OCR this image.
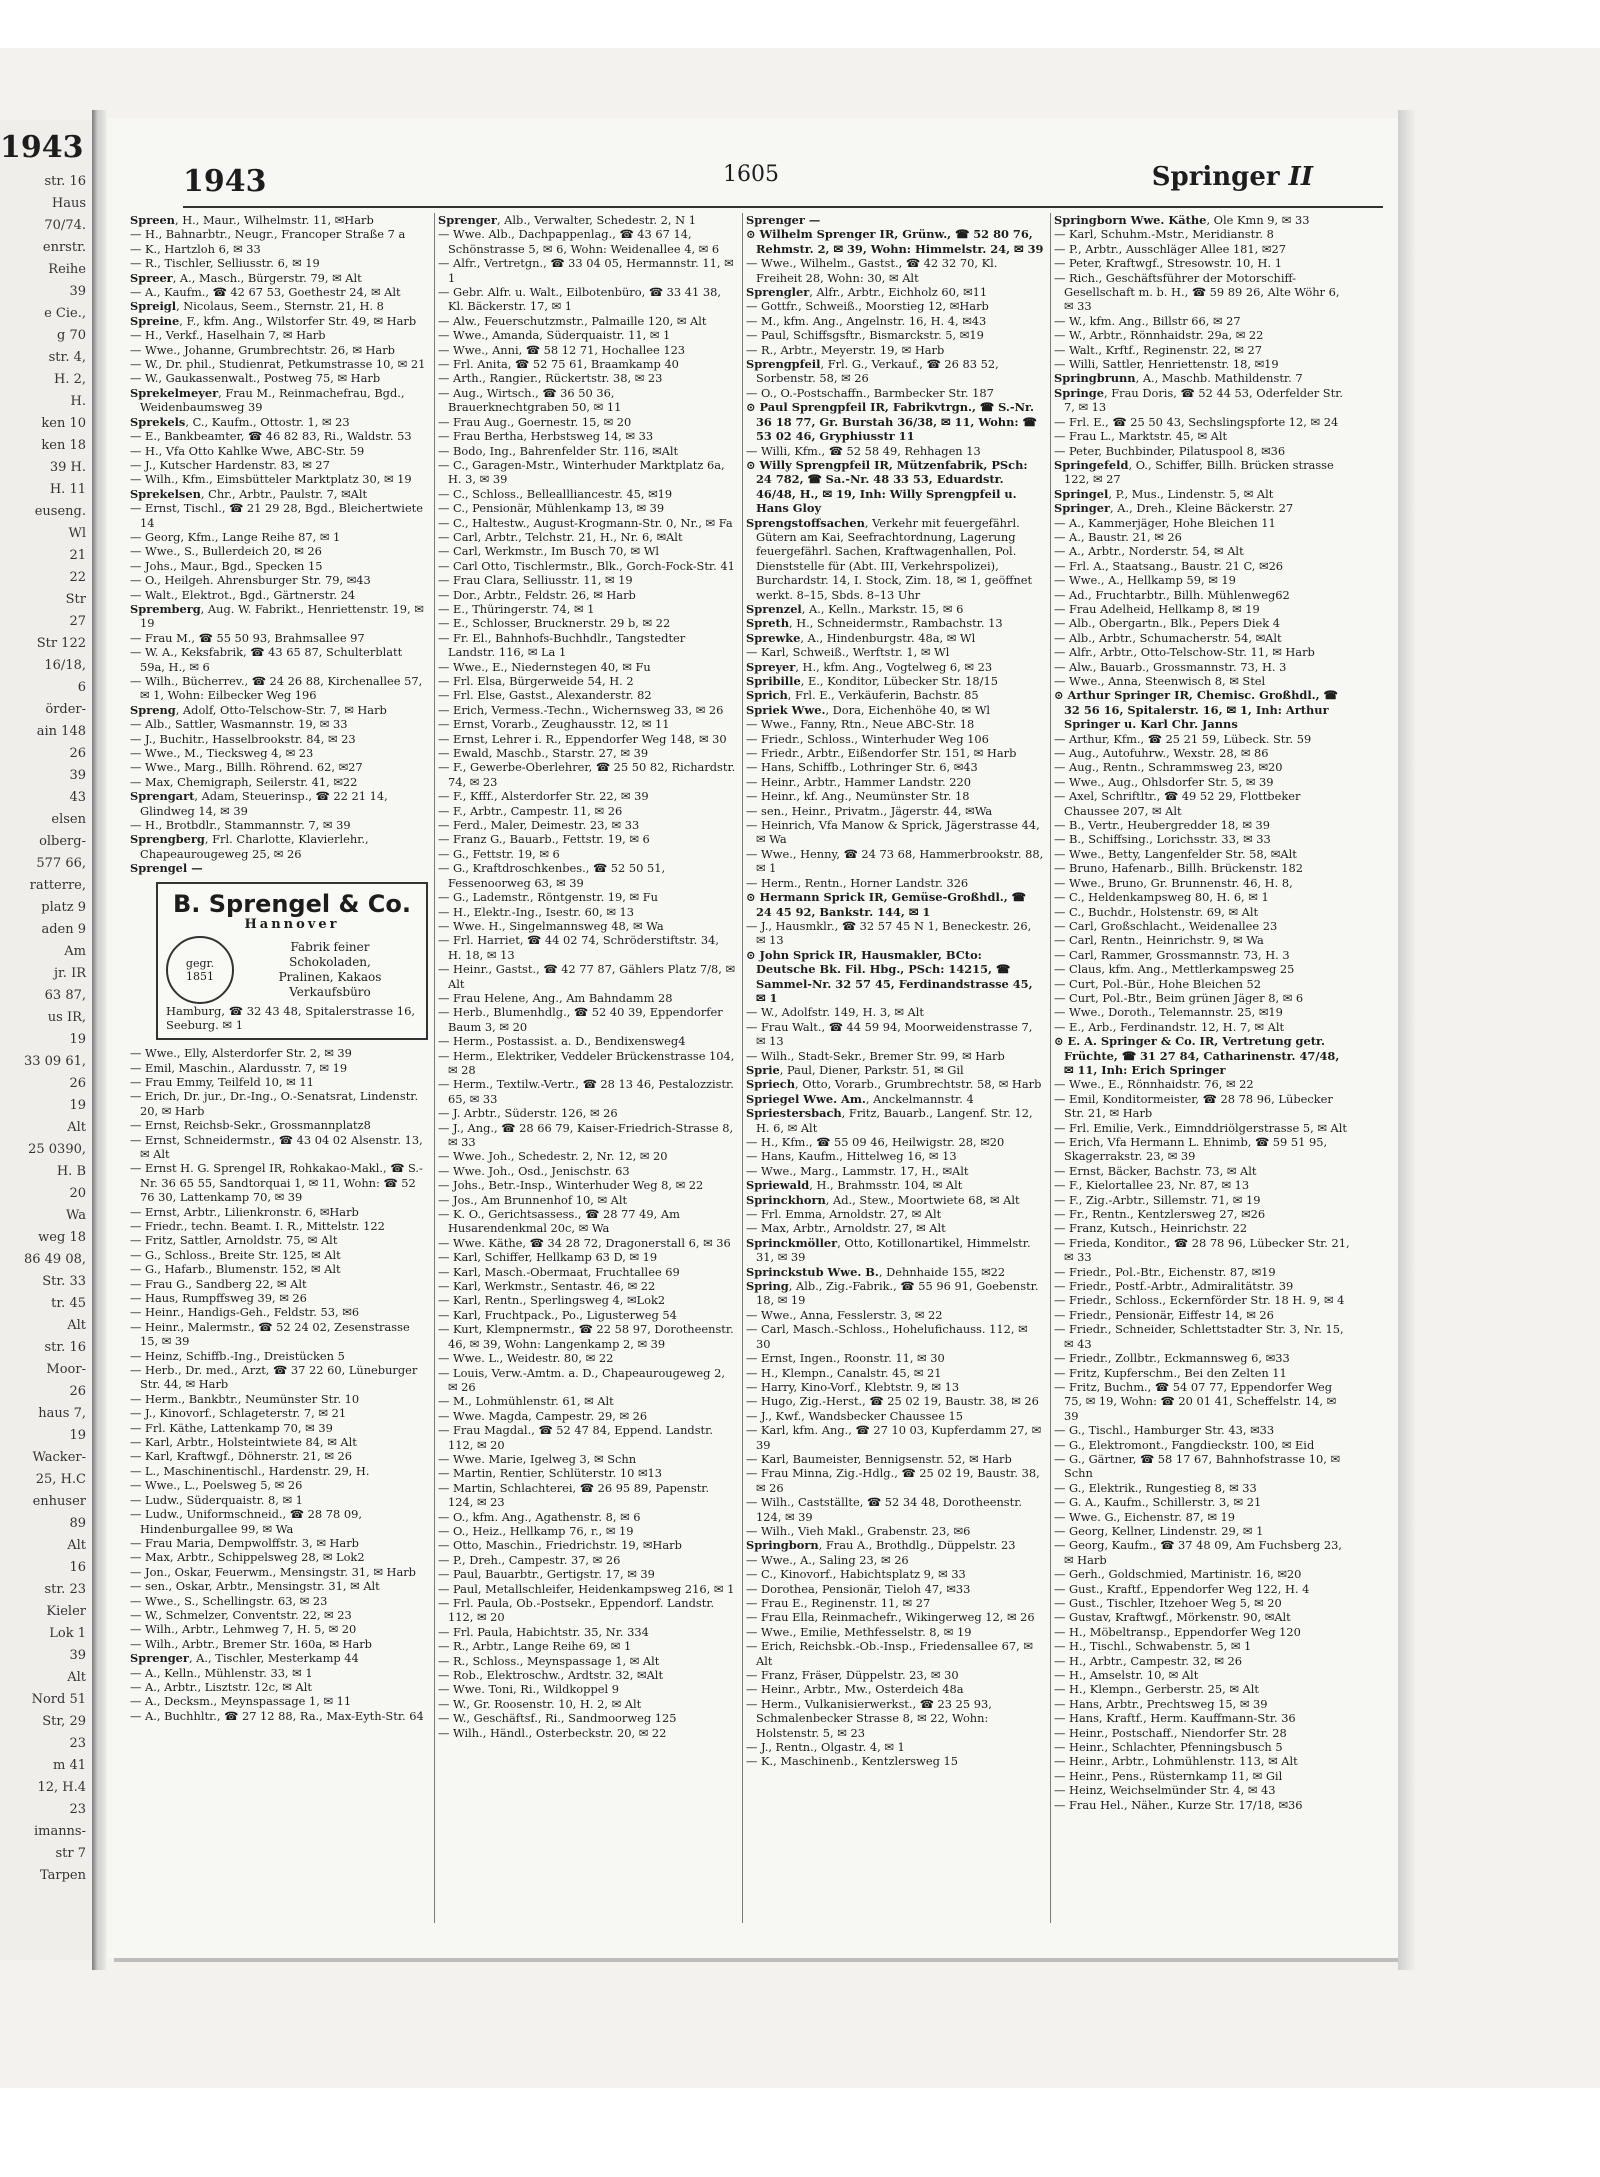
1943
str. 16
Haus
70/74.
enrstr.
Reihe
39
e Cie.,
g 70
str. 4,
H. 2,
H.
ken 10
ken 18
39 H.
H. 11
euseng.
Wl
21
22
Str
27
Str 122
16/18,
6
örder-
ain 148
26
39
43
elsen
olberg-
577 66,
ratterre,
platz 9
aden 9
Am
jr. IR
63 87,
us IR,
19
33 09 61,
26
19
Alt
25 0390,
H. B
20
Wa
weg 18
86 49 08,
Str. 33
tr. 45
Alt
str. 16
Moor-
26
haus 7,
19
Wacker-
25, H.C
enhuser
89
Alt
16
str. 23
Kieler
Lok 1
39
Alt
Nord 51
Str, 29
23
m 41
12, H.4
23
imanns-
str 7
Tarpen
1943	1605	Springer II

Spreen, H., Maur., Wilhelmstr. 11, ✉Harb

— H., Bahnarbtr., Neugr., Francoper Straße 7 a

— K., Hartzloh 6, ✉ 33

— R., Tischler, Selliusstr. 6, ✉ 19

Spreer, A., Masch., Bürgerstr. 79, ✉ Alt

— A., Kaufm., ☎ 42 67 53, Goethestr 24, ✉ Alt

Spreigl, Nicolaus, Seem., Sternstr. 21, H. 8

Spreine, F., kfm. Ang., Wilstorfer Str. 49, ✉ Harb

— H., Verkf., Haselhain 7, ✉ Harb

— Wwe., Johanne, Grumbrechtstr. 26, ✉ Harb

— W., Dr. phil., Studienrat, Petkumstrasse 10, ✉ 21

— W., Gaukassenwalt., Postweg 75, ✉ Harb

Sprekelmeyer, Frau M., Reinmachefrau, Bgd., Weidenbaumsweg 39

Sprekels, C., Kaufm., Ottostr. 1, ✉ 23

— E., Bankbeamter, ☎ 46 82 83, Ri., Waldstr. 53

— H., Vfa Otto Kahlke Wwe, ABC-Str. 59

— J., Kutscher Hardenstr. 83, ✉ 27

— Wilh., Kfm., Eimsbütteler Marktplatz 30, ✉ 19

Sprekelsen, Chr., Arbtr., Paulstr. 7, ✉Alt

— Ernst, Tischl., ☎ 21 29 28, Bgd., Bleichertwiete 14

— Georg, Kfm., Lange Reihe 87, ✉ 1

— Wwe., S., Bullerdeich 20, ✉ 26

— Johs., Maur., Bgd., Specken 15

— O., Heilgeh. Ahrensburger Str. 79, ✉43

— Walt., Elektrot., Bgd., Gärtnerstr. 24

Spremberg, Aug. W. Fabrikt., Henriettenstr. 19, ✉ 19

— Frau M., ☎ 55 50 93, Brahmsallee 97

— W. A., Keksfabrik, ☎ 43 65 87, Schulterblatt 59a, H., ✉ 6

— Wilh., Bücherrev., ☎ 24 26 88, Kirchenallee 57, ✉ 1, Wohn: Eilbecker Weg 196

Spreng, Adolf, Otto-Telschow-Str. 7, ✉ Harb

— Alb., Sattler, Wasmannstr. 19, ✉ 33

— J., Buchitr., Hasselbrookstr. 84, ✉ 23

— Wwe., M., Tiecksweg 4, ✉ 23

— Wwe., Marg., Billh. Röhrend. 62, ✉27

— Max, Chemigraph, Seilerstr. 41, ✉22

Sprengart, Adam, Steuerinsp., ☎ 22 21 14, Glindweg 14, ✉ 39

— H., Brotbdlr., Stammannstr. 7, ✉ 39

Sprengberg, Frl. Charlotte, Klavierlehr., Chapeaurougeweg 25, ✉ 26

Sprengel —

B. Sprengel & Co.
Hannover
gegr.
1851
Fabrik feiner
Schokoladen,
Pralinen, Kakaos
Verkaufsbüro
Hamburg, ☎ 32 43 48, Spitalerstrasse 16, Seeburg. ✉ 1

— Wwe., Elly, Alsterdorfer Str. 2, ✉ 39

— Emil, Maschin., Alardusstr. 7, ✉ 19

— Frau Emmy, Teilfeld 10, ✉ 11

— Erich, Dr. jur., Dr.-Ing., O.-Senatsrat, Lindenstr. 20, ✉ Harb

— Ernst, Reichsb-Sekr., Grossmannplatz8

— Ernst, Schneidermstr., ☎ 43 04 02 Alsenstr. 13, ✉ Alt

— Ernst H. G. Sprengel IR, Rohkakao-Makl., ☎ S.-Nr. 36 65 55, Sandtorquai 1, ✉ 11, Wohn: ☎ 52 76 30, Lattenkamp 70, ✉ 39

— Ernst, Arbtr., Lilienkronstr. 6, ✉Harb

— Friedr., techn. Beamt. I. R., Mittelstr. 122

— Fritz, Sattler, Arnoldstr. 75, ✉ Alt

— G., Schloss., Breite Str. 125, ✉ Alt

— G., Hafarb., Blumenstr. 152, ✉ Alt

— Frau G., Sandberg 22, ✉ Alt

— Haus, Rumpffsweg 39, ✉ 26

— Heinr., Handigs-Geh., Feldstr. 53, ✉6

— Heinr., Malermstr., ☎ 52 24 02, Zesenstrasse 15, ✉ 39

— Heinz, Schiffb.-Ing., Dreistücken 5

— Herb., Dr. med., Arzt, ☎ 37 22 60, Lüneburger Str. 44, ✉ Harb

— Herm., Bankbtr., Neumünster Str. 10

— J., Kinovorf., Schlageterstr. 7, ✉ 21

— Frl. Käthe, Lattenkamp 70, ✉ 39

— Karl, Arbtr., Holsteintwiete 84, ✉ Alt

— Karl, Kraftwgf., Döhnerstr. 21, ✉ 26

— L., Maschinentischl., Hardenstr. 29, H.

— Wwe., L., Poelsweg 5, ✉ 26

— Ludw., Süderquaistr. 8, ✉ 1

— Ludw., Uniformschneid., ☎ 28 78 09, Hindenburgallee 99, ✉ Wa

— Frau Maria, Dempwolffstr. 3, ✉ Harb

— Max, Arbtr., Schippelsweg 28, ✉ Lok2

— Jon., Oskar, Feuerwm., Mensingstr. 31, ✉ Harb

— sen., Oskar, Arbtr., Mensingstr. 31, ✉ Alt

— Wwe., S., Schellingstr. 63, ✉ 23

— W., Schmelzer, Conventstr. 22, ✉ 23

— Wilh., Arbtr., Lehmweg 7, H. 5, ✉ 20

— Wilh., Arbtr., Bremer Str. 160a, ✉ Harb

Sprenger, A., Tischler, Mesterkamp 44

— A., Kelln., Mühlenstr. 33, ✉ 1

— A., Arbtr., Lisztstr. 12c, ✉ Alt

— A., Decksm., Meynspassage 1, ✉ 11

— A., Buchhltr., ☎ 27 12 88, Ra., Max-Eyth-Str. 64

Sprenger, Alb., Verwalter, Schedestr. 2, N 1

— Wwe. Alb., Dachpappenlag., ☎ 43 67 14, Schönstrasse 5, ✉ 6, Wohn: Weidenallee 4, ✉ 6

— Alfr., Vertretgn., ☎ 33 04 05, Hermannstr. 11, ✉ 1

— Gebr. Alfr. u. Walt., Eilbotenbüro, ☎ 33 41 38, Kl. Bäckerstr. 17, ✉ 1

— Alw., Feuerschutzmstr., Palmaille 120, ✉ Alt

— Wwe., Amanda, Süderquaistr. 11, ✉ 1

— Wwe., Anni, ☎ 58 12 71, Hochallee 123

— Frl. Anita, ☎ 52 75 61, Braamkamp 40

— Arth., Rangier., Rückertstr. 38, ✉ 23

— Aug., Wirtsch., ☎ 36 50 36, Brauerknechtgraben 50, ✉ 11

— Frau Aug., Goernestr. 15, ✉ 20

— Frau Bertha, Herbstsweg 14, ✉ 33

— Bodo, Ing., Bahrenfelder Str. 116, ✉Alt

— C., Garagen-Mstr., Winterhuder Marktplatz 6a, H. 3, ✉ 39

— C., Schloss., Belleallliancestr. 45, ✉19

— C., Pensionär, Mühlenkamp 13, ✉ 39

— C., Haltestw., August-Krogmann-Str. 0, Nr., ✉ Fa

— Carl, Arbtr., Telchstr. 21, H., Nr. 6, ✉Alt

— Carl, Werkmstr., Im Busch 70, ✉ Wl

— Carl Otto, Tischlermstr., Blk., Gorch-Fock-Str. 41

— Frau Clara, Selliusstr. 11, ✉ 19

— Dor., Arbtr., Feldstr. 26, ✉ Harb

— E., Thüringerstr. 74, ✉ 1

— E., Schlosser, Brucknerstr. 29 b, ✉ 22

— Fr. El., Bahnhofs-Buchhdlr., Tangstedter Landstr. 116, ✉ La 1

— Wwe., E., Niedernstegen 40, ✉ Fu

— Frl. Elsa, Bürgerweide 54, H. 2

— Frl. Else, Gastst., Alexanderstr. 82

— Erich, Vermess.-Techn., Wichernsweg 33, ✉ 26

— Ernst, Vorarb., Zeughausstr. 12, ✉ 11

— Ernst, Lehrer i. R., Eppendorfer Weg 148, ✉ 30

— Ewald, Maschb., Starstr. 27, ✉ 39

— F., Gewerbe-Oberlehrer, ☎ 25 50 82, Richardstr. 74, ✉ 23

— F., Kfff., Alsterdorfer Str. 22, ✉ 39

— F., Arbtr., Campestr. 11, ✉ 26

— Ferd., Maler, Deimestr. 23, ✉ 33

— Franz G., Bauarb., Fettstr. 19, ✉ 6

— G., Fettstr. 19, ✉ 6

— G., Kraftdroschkenbes., ☎ 52 50 51, Fessenoorweg 63, ✉ 39

— G., Lademstr., Röntgenstr. 19, ✉ Fu

— H., Elektr.-Ing., Isestr. 60, ✉ 13

— Wwe. H., Singelmannsweg 48, ✉ Wa

— Frl. Harriet, ☎ 44 02 74, Schröderstiftstr. 34, H. 18, ✉ 13

— Heinr., Gastst., ☎ 42 77 87, Gählers Platz 7/8, ✉ Alt

— Frau Helene, Ang., Am Bahndamm 28

— Herb., Blumenhdlg., ☎ 52 40 39, Eppendorfer Baum 3, ✉ 20

— Herm., Postassist. a. D., Bendixensweg4

— Herm., Elektriker, Veddeler Brückenstrasse 104, ✉ 28

— Herm., Textilw.-Vertr., ☎ 28 13 46, Pestalozzistr. 65, ✉ 33

— J. Arbtr., Süderstr. 126, ✉ 26

— J., Ang., ☎ 28 66 79, Kaiser-Friedrich-Strasse 8, ✉ 33

— Wwe. Joh., Schedestr. 2, Nr. 12, ✉ 20

— Wwe. Joh., Osd., Jenischstr. 63

— Johs., Betr.-Insp., Winterhuder Weg 8, ✉ 22

— Jos., Am Brunnenhof 10, ✉ Alt

— K. O., Gerichtsassess., ☎ 28 77 49, Am Husarendenkmal 20c, ✉ Wa

— Wwe. Käthe, ☎ 34 28 72, Dragonerstall 6, ✉ 36

— Karl, Schiffer, Hellkamp 63 D, ✉ 19

— Karl, Masch.-Obermaat, Fruchtallee 69

— Karl, Werkmstr., Sentastr. 46, ✉ 22

— Karl, Rentn., Sperlingsweg 4, ✉Lok2

— Karl, Fruchtpack., Po., Ligusterweg 54

— Kurt, Klempnermstr., ☎ 22 58 97, Dorotheenstr. 46, ✉ 39, Wohn: Langenkamp 2, ✉ 39

— Wwe. L., Weidestr. 80, ✉ 22

— Louis, Verw.-Amtm. a. D., Chapeaurougeweg 2, ✉ 26

— M., Lohmühlenstr. 61, ✉ Alt

— Wwe. Magda, Campestr. 29, ✉ 26

— Frau Magdal., ☎ 52 47 84, Eppend. Landstr. 112, ✉ 20

— Wwe. Marie, Igelweg 3, ✉ Schn

— Martin, Rentier, Schlüterstr. 10 ✉13

— Martin, Schlachterei, ☎ 26 95 89, Papenstr. 124, ✉ 23

— O., kfm. Ang., Agathenstr. 8, ✉ 6

— O., Heiz., Hellkamp 76, r., ✉ 19

— Otto, Maschin., Friedrichstr. 19, ✉Harb

— P., Dreh., Campestr. 37, ✉ 26

— Paul, Bauarbtr., Gertigstr. 17, ✉ 39

— Paul, Metallschleifer, Heidenkampsweg 216, ✉ 1

— Frl. Paula, Ob.-Postsekr., Eppendorf. Landstr. 112, ✉ 20

— Frl. Paula, Habichtstr. 35, Nr. 334

— R., Arbtr., Lange Reihe 69, ✉ 1

— R., Schloss., Meynspassage 1, ✉ Alt

— Rob., Elektroschw., Ardtstr. 32, ✉Alt

— Wwe. Toni, Ri., Wildkoppel 9

— W., Gr. Roosenstr. 10, H. 2, ✉ Alt

— W., Geschäftsf., Ri., Sandmoorweg 125

— Wilh., Händl., Osterbeckstr. 20, ✉ 22

Sprenger —

⊙ Wilhelm Sprenger IR, Grünw., ☎ 52 80 76, Rehmstr. 2, ✉ 39, Wohn: Himmelstr. 24, ✉ 39

— Wwe., Wilhelm., Gastst., ☎ 42 32 70, Kl. Freiheit 28, Wohn: 30, ✉ Alt

Sprengler, Alfr., Arbtr., Eichholz 60, ✉11

— Gottfr., Schweiß., Moorstieg 12, ✉Harb

— M., kfm. Ang., Angelnstr. 16, H. 4, ✉43

— Paul, Schiffsgsftr., Bismarckstr. 5, ✉19

— R., Arbtr., Meyerstr. 19, ✉ Harb

Sprengpfeil, Frl. G., Verkauf., ☎ 26 83 52, Sorbenstr. 58, ✉ 26

— O., O.-Postschaffn., Barmbecker Str. 187

⊙ Paul Sprengpfeil IR, Fabrikvtrgn., ☎ S.-Nr. 36 18 77, Gr. Burstah 36/38, ✉ 11, Wohn: ☎ 53 02 46, Gryphiusstr 11

— Willi, Kfm., ☎ 52 58 49, Rehhagen 13

⊙ Willy Sprengpfeil IR, Mützenfabrik, PSch: 24 782, ☎ Sa.-Nr. 48 33 53, Eduardstr. 46/48, H., ✉ 19, Inh: Willy Sprengpfeil u. Hans Gloy

Sprengstoffsachen, Verkehr mit feuergefährl. Gütern am Kai, Seefrachtordnung, Lagerung feuergefährl. Sachen, Kraftwagenhallen, Pol. Dienststelle für (Abt. III, Verkehrspolizei), Burchardstr. 14, I. Stock, Zim. 18, ✉ 1, geöffnet werkt. 8–15, Sbds. 8–13 Uhr

Sprenzel, A., Kelln., Markstr. 15, ✉ 6

Spreth, H., Schneidermstr., Rambachstr. 13

Sprewke, A., Hindenburgstr. 48a, ✉ Wl

— Karl, Schweiß., Werftstr. 1, ✉ Wl

Spreyer, H., kfm. Ang., Vogtelweg 6, ✉ 23

Spribille, E., Konditor, Lübecker Str. 18/15

Sprich, Frl. E., Verkäuferin, Bachstr. 85

Spriek Wwe., Dora, Eichenhöhe 40, ✉ Wl

— Wwe., Fanny, Rtn., Neue ABC-Str. 18

— Friedr., Schloss., Winterhuder Weg 106

— Friedr., Arbtr., Eißendorfer Str. 151, ✉ Harb

— Hans, Schiffb., Lothringer Str. 6, ✉43

— Heinr., Arbtr., Hammer Landstr. 220

— Heinr., kf. Ang., Neumünster Str. 18

— sen., Heinr., Privatm., Jägerstr. 44, ✉Wa

— Heinrich, Vfa Manow & Sprick, Jägerstrasse 44, ✉ Wa

— Wwe., Henny, ☎ 24 73 68, Hammerbrookstr. 88, ✉ 1

— Herm., Rentn., Horner Landstr. 326

⊙ Hermann Sprick IR, Gemüse-Großhdl., ☎ 24 45 92, Bankstr. 144, ✉ 1

— J., Hausmklr., ☎ 32 57 45 N 1, Beneckestr. 26, ✉ 13

⊙ John Sprick IR, Hausmakler, BCto: Deutsche Bk. Fil. Hbg., PSch: 14215, ☎ Sammel-Nr. 32 57 45, Ferdinandstrasse 45, ✉ 1

— W., Adolfstr. 149, H. 3, ✉ Alt

— Frau Walt., ☎ 44 59 94, Moorweidenstrasse 7, ✉ 13

— Wilh., Stadt-Sekr., Bremer Str. 99, ✉ Harb

Sprie, Paul, Diener, Parkstr. 51, ✉ Gil

Spriech, Otto, Vorarb., Grumbrechtstr. 58, ✉ Harb

Spriegel Wwe. Am., Anckelmannstr. 4

Spriestersbach, Fritz, Bauarb., Langenf. Str. 12, H. 6, ✉ Alt

— H., Kfm., ☎ 55 09 46, Heilwigstr. 28, ✉20

— Hans, Kaufm., Hittelweg 16, ✉ 13

— Wwe., Marg., Lammstr. 17, H., ✉Alt

Spriewald, H., Brahmsstr. 104, ✉ Alt

Sprinckhorn, Ad., Stew., Moortwiete 68, ✉ Alt

— Frl. Emma, Arnoldstr. 27, ✉ Alt

— Max, Arbtr., Arnoldstr. 27, ✉ Alt

Sprinckmöller, Otto, Kotillonartikel, Himmelstr. 31, ✉ 39

Sprinckstub Wwe. B., Dehnhaide 155, ✉22

Spring, Alb., Zig.-Fabrik., ☎ 55 96 91, Goebenstr. 18, ✉ 19

— Wwe., Anna, Fesslerstr. 3, ✉ 22

— Carl, Masch.-Schloss., Hohelufichauss. 112, ✉ 30

— Ernst, Ingen., Roonstr. 11, ✉ 30

— H., Klempn., Canalstr. 45, ✉ 21

— Harry, Kino-Vorf., Klebtstr. 9, ✉ 13

— Hugo, Zig.-Herst., ☎ 25 02 19, Baustr. 38, ✉ 26

— J., Kwf., Wandsbecker Chaussee 15

— Karl, kfm. Ang., ☎ 27 10 03, Kupferdamm 27, ✉ 39

— Karl, Baumeister, Bennigsenstr. 52, ✉ Harb

— Frau Minna, Zig.-Hdlg., ☎ 25 02 19, Baustr. 38, ✉ 26

— Wilh., Castställte, ☎ 52 34 48, Dorotheenstr. 124, ✉ 39

— Wilh., Vieh Makl., Grabenstr. 23, ✉6

Springborn, Frau A., Brothdlg., Düppelstr. 23

— Wwe., A., Saling 23, ✉ 26

— C., Kinovorf., Habichtsplatz 9, ✉ 33

— Dorothea, Pensionär, Tieloh 47, ✉33

— Frau E., Reginenstr. 11, ✉ 27

— Frau Ella, Reinmachefr., Wikingerweg 12, ✉ 26

— Wwe., Emilie, Methfesselstr. 8, ✉ 19

— Erich, Reichsbk.-Ob.-Insp., Friedensallee 67, ✉ Alt

— Franz, Fräser, Düppelstr. 23, ✉ 30

— Heinr., Arbtr., Mw., Osterdeich 48a

— Herm., Vulkanisierwerkst., ☎ 23 25 93, Schmalenbecker Strasse 8, ✉ 22, Wohn: Holstenstr. 5, ✉ 23

— J., Rentn., Olgastr. 4, ✉ 1

— K., Maschinenb., Kentzlersweg 15

Springborn Wwe. Käthe, Ole Kmn 9, ✉ 33

— Karl, Schuhm.-Mstr., Meridianstr. 8

— P., Arbtr., Ausschläger Allee 181, ✉27

— Peter, Kraftwgf., Stresowstr. 10, H. 1

— Rich., Geschäftsführer der Motorschiff-Gesellschaft m. b. H., ☎ 59 89 26, Alte Wöhr 6, ✉ 33

— W., kfm. Ang., Billstr 66, ✉ 27

— W., Arbtr., Rönnhaidstr. 29a, ✉ 22

— Walt., Krftf., Reginenstr. 22, ✉ 27

— Willi, Sattler, Henriettenstr. 18, ✉19

Springbrunn, A., Maschb. Mathildenstr. 7

Springe, Frau Doris, ☎ 52 44 53, Oderfelder Str. 7, ✉ 13

— Frl. E., ☎ 25 50 43, Sechslingspforte 12, ✉ 24

— Frau L., Marktstr. 45, ✉ Alt

— Peter, Buchbinder, Pilatuspool 8, ✉36

Springefeld, O., Schiffer, Billh. Brücken strasse 122, ✉ 27

Springel, P., Mus., Lindenstr. 5, ✉ Alt

Springer, A., Dreh., Kleine Bäckerstr. 27

— A., Kammerjäger, Hohe Bleichen 11

— A., Baustr. 21, ✉ 26

— A., Arbtr., Norderstr. 54, ✉ Alt

— Frl. A., Staatsang., Baustr. 21 C, ✉26

— Wwe., A., Hellkamp 59, ✉ 19

— Ad., Fruchtarbtr., Billh. Mühlenweg62

— Frau Adelheid, Hellkamp 8, ✉ 19

— Alb., Obergartn., Blk., Pepers Diek 4

— Alb., Arbtr., Schumacherstr. 54, ✉Alt

— Alfr., Arbtr., Otto-Telschow-Str. 11, ✉ Harb

— Alw., Bauarb., Grossmannstr. 73, H. 3

— Wwe., Anna, Steenwisch 8, ✉ Stel

⊙ Arthur Springer IR, Chemisc. Großhdl., ☎ 32 56 16, Spitalerstr. 16, ✉ 1, Inh: Arthur Springer u. Karl Chr. Janns

— Arthur, Kfm., ☎ 25 21 59, Lübeck. Str. 59

— Aug., Autofuhrw., Wexstr. 28, ✉ 86

— Aug., Rentn., Schrammsweg 23, ✉20

— Wwe., Aug., Ohlsdorfer Str. 5, ✉ 39

— Axel, Schriftltr., ☎ 49 52 29, Flottbeker Chaussee 207, ✉ Alt

— B., Vertr., Heubergredder 18, ✉ 39

— B., Schiffsing., Lorichsstr. 33, ✉ 33

— Wwe., Betty, Langenfelder Str. 58, ✉Alt

— Bruno, Hafenarb., Billh. Brückenstr. 182

— Wwe., Bruno, Gr. Brunnenstr. 46, H. 8,

— C., Heldenkampsweg 80, H. 6, ✉ 1

— C., Buchdr., Holstenstr. 69, ✉ Alt

— Carl, Großschlacht., Weidenallee 23

— Carl, Rentn., Heinrichstr. 9, ✉ Wa

— Carl, Rammer, Grossmannstr. 73, H. 3

— Claus, kfm. Ang., Mettlerkampsweg 25

— Curt, Pol.-Bür., Hohe Bleichen 52

— Curt, Pol.-Btr., Beim grünen Jäger 8, ✉ 6

— Wwe., Doroth., Telemannstr. 25, ✉19

— E., Arb., Ferdinandstr. 12, H. 7, ✉ Alt

⊙ E. A. Springer & Co. IR, Vertretung getr. Früchte, ☎ 31 27 84, Catharinenstr. 47/48, ✉ 11, Inh: Erich Springer

— Wwe., E., Rönnhaidstr. 76, ✉ 22

— Emil, Konditormeister, ☎ 28 78 96, Lübecker Str. 21, ✉ Harb

— Frl. Emilie, Verk., Eimnddriölgerstrasse 5, ✉ Alt

— Erich, Vfa Hermann L. Ehnimb, ☎ 59 51 95, Skagerrakstr. 23, ✉ 39

— Ernst, Bäcker, Bachstr. 73, ✉ Alt

— F., Kielortallee 23, Nr. 87, ✉ 13

— F., Zig.-Arbtr., Sillemstr. 71, ✉ 19

— Fr., Rentn., Kentzlersweg 27, ✉26

— Franz, Kutsch., Heinrichstr. 22

— Frieda, Konditor., ☎ 28 78 96, Lübecker Str. 21, ✉ 33

— Friedr., Pol.-Btr., Eichenstr. 87, ✉19

— Friedr., Postf.-Arbtr., Admiralitätstr. 39

— Friedr., Schloss., Eckernförder Str. 18 H. 9, ✉ 4

— Friedr., Pensionär, Eiffestr 14, ✉ 26

— Friedr., Schneider, Schlettstadter Str. 3, Nr. 15, ✉ 43

— Friedr., Zollbtr., Eckmannsweg 6, ✉33

— Fritz, Kupferschm., Bei den Zelten 11

— Fritz, Buchm., ☎ 54 07 77, Eppendorfer Weg 75, ✉ 19, Wohn: ☎ 20 01 41, Scheffelstr. 14, ✉ 39

— G., Tischl., Hamburger Str. 43, ✉33

— G., Elektromont., Fangdieckstr. 100, ✉ Eid

— G., Gärtner, ☎ 58 17 67, Bahnhofstrasse 10, ✉ Schn

— G., Elektrik., Rungestieg 8, ✉ 33

— G. A., Kaufm., Schillerstr. 3, ✉ 21

— Wwe. G., Eichenstr. 87, ✉ 19

— Georg, Kellner, Lindenstr. 29, ✉ 1

— Georg, Kaufm., ☎ 37 48 09, Am Fuchsberg 23, ✉ Harb

— Gerh., Goldschmied, Martinistr. 16, ✉20

— Gust., Kraftf., Eppendorfer Weg 122, H. 4

— Gust., Tischler, Itzehoer Weg 5, ✉ 20

— Gustav, Kraftwgf., Mörkenstr. 90, ✉Alt

— H., Möbeltransp., Eppendorfer Weg 120

— H., Tischl., Schwabenstr. 5, ✉ 1

— H., Arbtr., Campestr. 32, ✉ 26

— H., Amselstr. 10, ✉ Alt

— H., Klempn., Gerberstr. 25, ✉ Alt

— Hans, Arbtr., Prechtsweg 15, ✉ 39

— Hans, Kraftf., Herm. Kauffmann-Str. 36

— Heinr., Postschaff., Niendorfer Str. 28

— Heinr., Schlachter, Pfenningsbusch 5

— Heinr., Arbtr., Lohmühlenstr. 113, ✉ Alt

— Heinr., Pens., Rüsternkamp 11, ✉ Gil

— Heinz, Weichselmünder Str. 4, ✉ 43

— Frau Hel., Näher., Kurze Str. 17/18, ✉36
